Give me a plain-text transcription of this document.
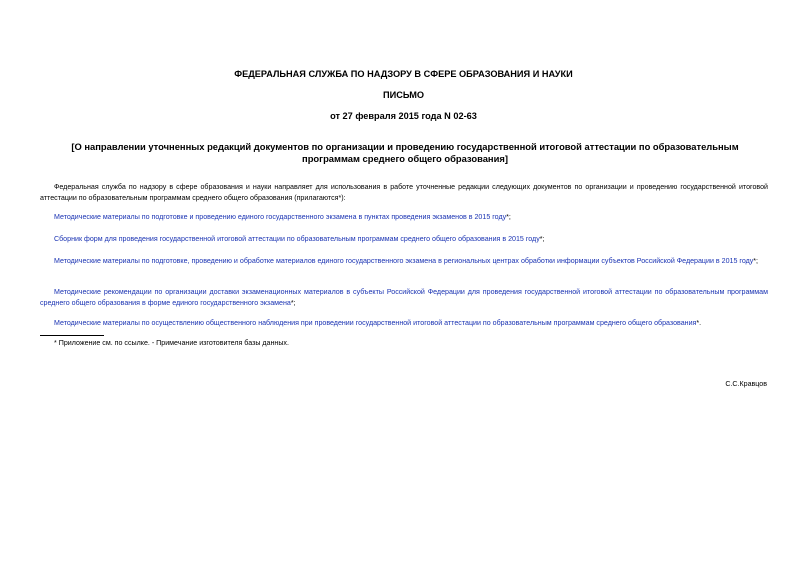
ФЕДЕРАЛЬНАЯ СЛУЖБА ПО НАДЗОРУ В СФЕРЕ ОБРАЗОВАНИЯ И НАУКИ
ПИСЬМО
от 27 февраля 2015 года N 02-63
[О направлении уточненных редакций документов по организации и проведению государственной итоговой аттестации по образовательным программам среднего общего образования]
Федеральная служба по надзору в сфере образования и науки направляет для использования в работе уточненные редакции следующих документов по организации и проведению государственной итоговой аттестации по образовательным программам среднего общего образования (прилагаются*):
Методические материалы по подготовке и проведению единого государственного экзамена в пунктах проведения экзаменов в 2015 году*;
Сборник форм для проведения государственной итоговой аттестации по образовательным программам среднего общего образования в 2015 году*;
Методические материалы по подготовке, проведению и обработке материалов единого государственного экзамена в региональных центрах обработки информации субъектов Российской Федерации в 2015 году*;
Методические рекомендации по организации доставки экзаменационных материалов в субъекты Российской Федерации для проведения государственной итоговой аттестации по образовательным программам среднего общего образования в форме единого государственного экзамена*;
Методические материалы по осуществлению общественного наблюдения при проведении государственной итоговой аттестации по образовательным программам среднего общего образования*.
* Приложение см. по ссылке. - Примечание изготовителя базы данных.
С.С.Кравцов
